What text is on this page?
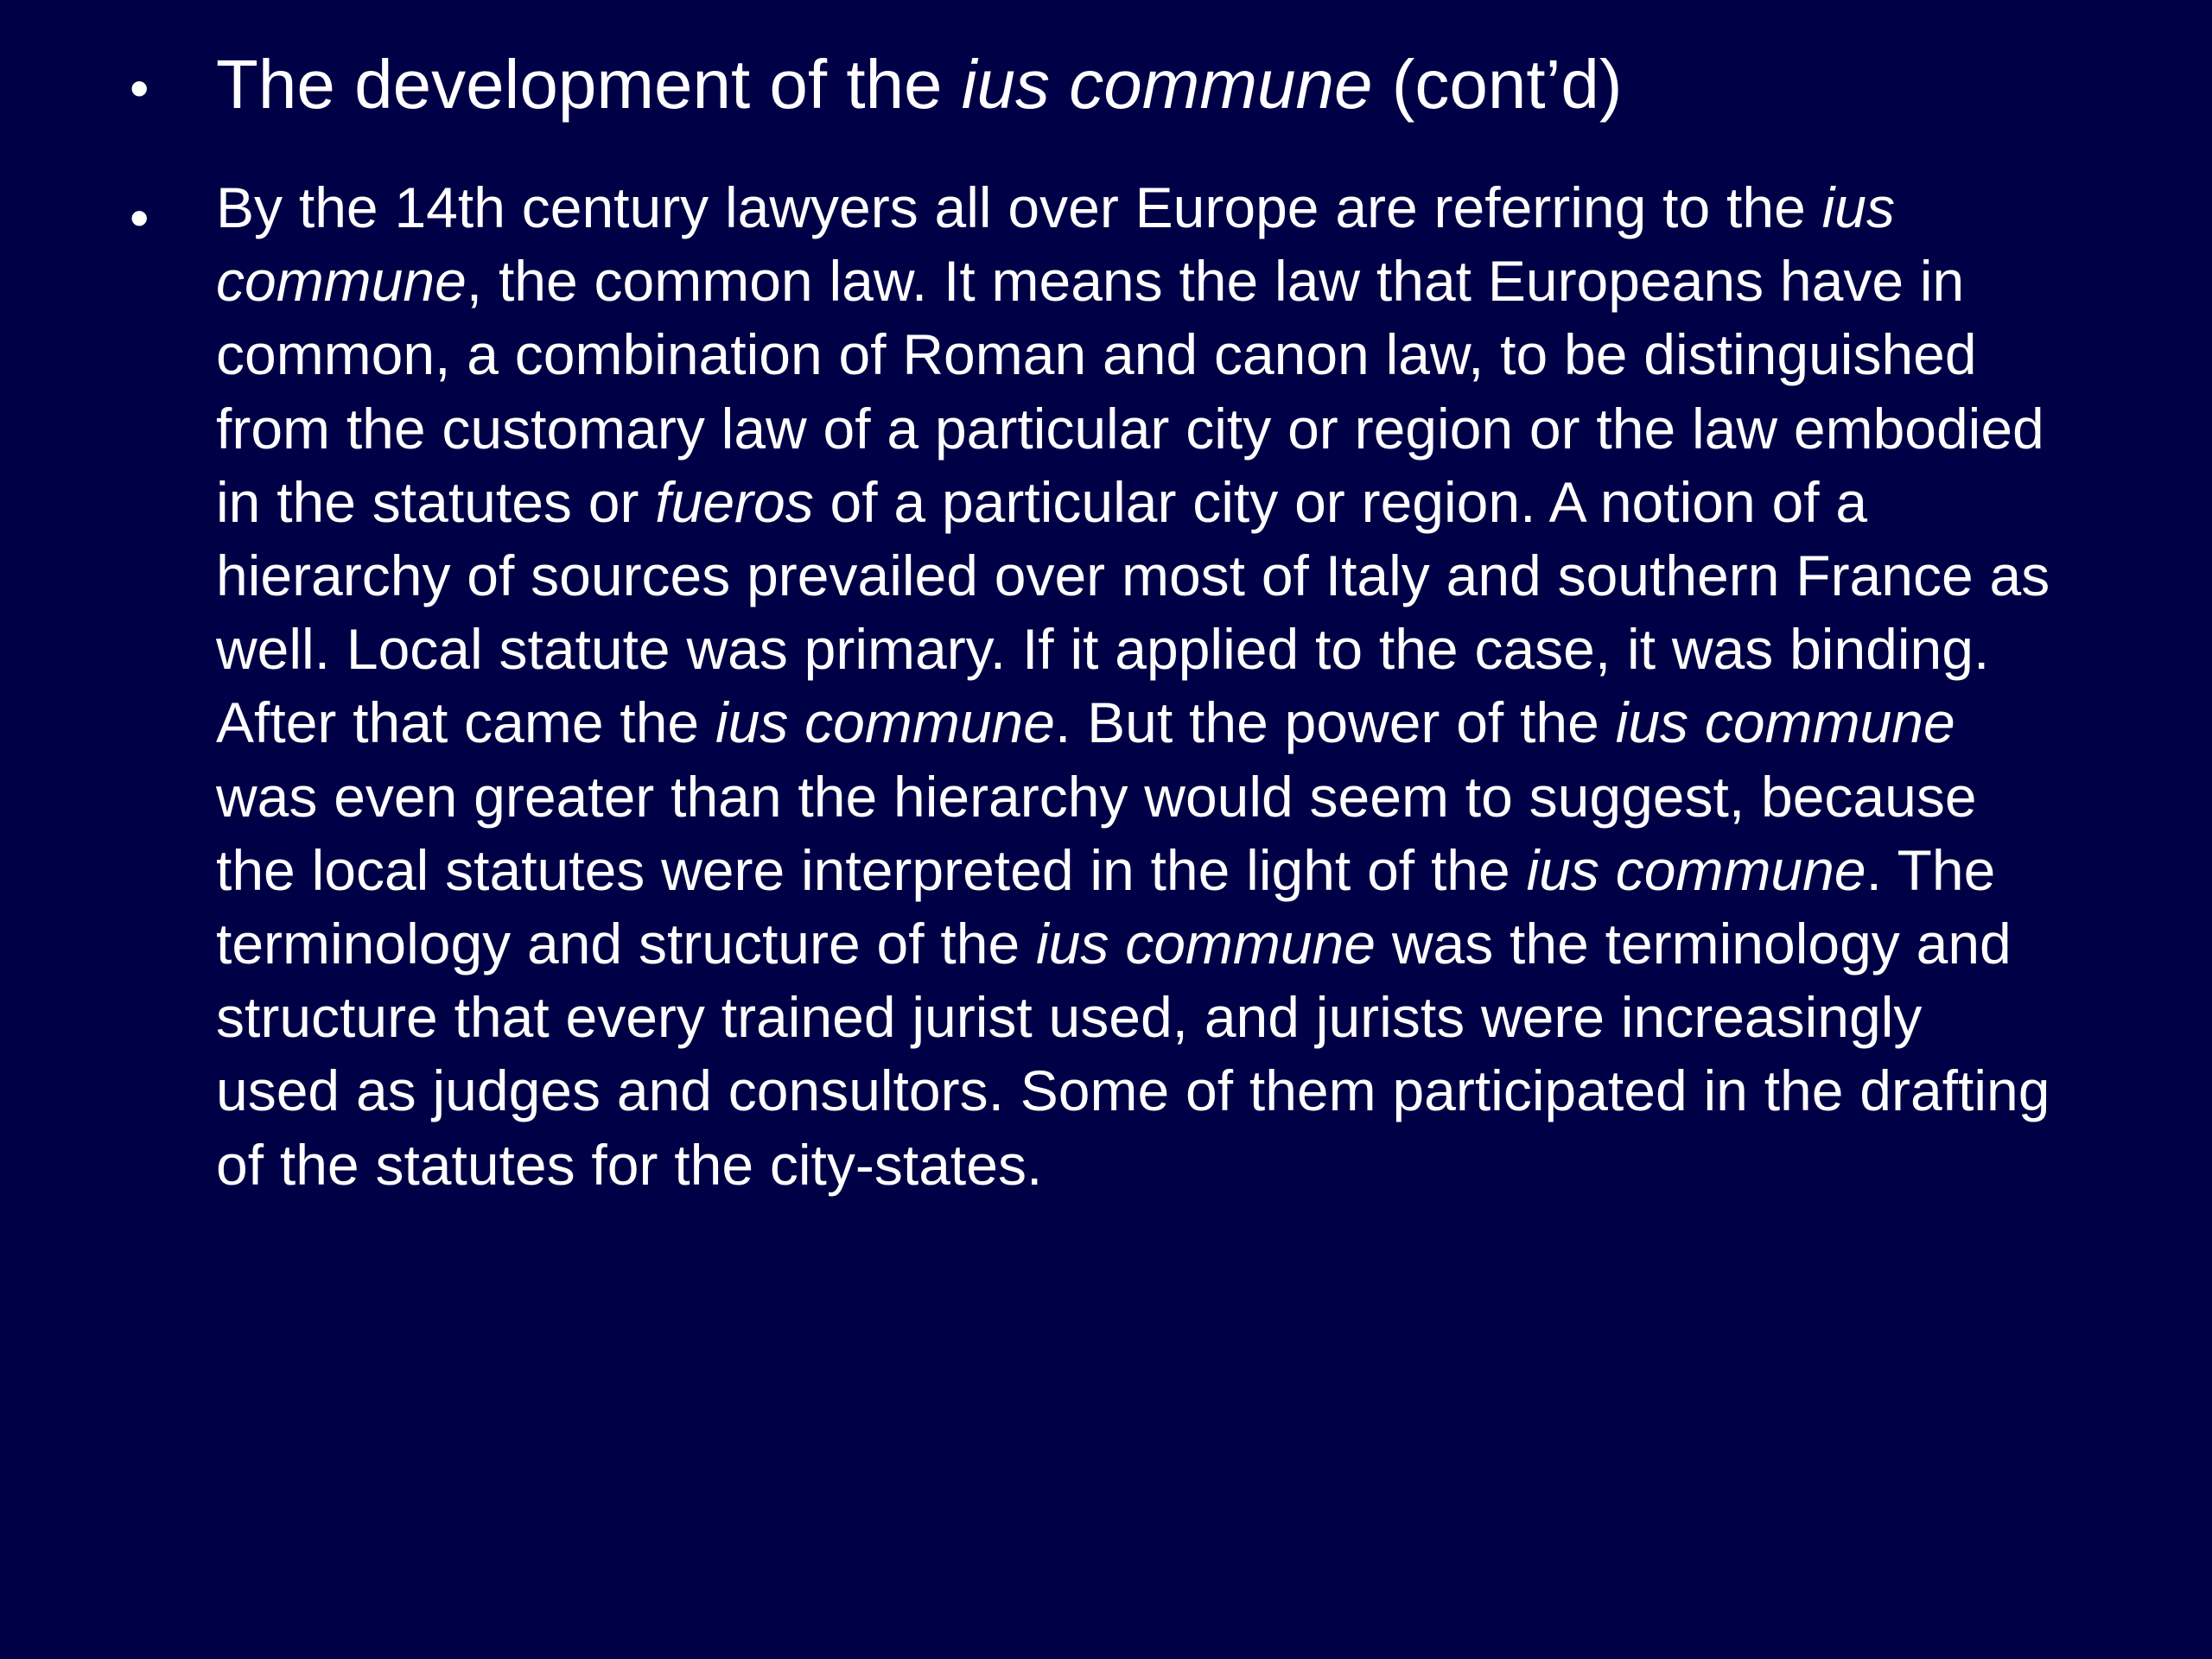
• The development of the ius commune (cont’d)
• By the 14th century lawyers all over Europe are referring to the ius
commune, the common law. It means the law that Europeans have in
common, a combination of Roman and canon law, to be distinguished
from the customary law of a particular city or region or the law embodied
in the statutes or fueros of a particular city or region. A notion of a
hierarchy of sources prevailed over most of Italy and southern France as
well. Local statute was primary. If it applied to the case, it was binding.
After that came the ius commune. But the power of the ius commune
was even greater than the hierarchy would seem to suggest, because
the local statutes were interpreted in the light of the ius commune. The
terminology and structure of the ius commune was the terminology and
structure that every trained jurist used, and jurists were increasingly
used as judges and consultors. Some of them participated in the drafting
of the statutes for the city-states.
